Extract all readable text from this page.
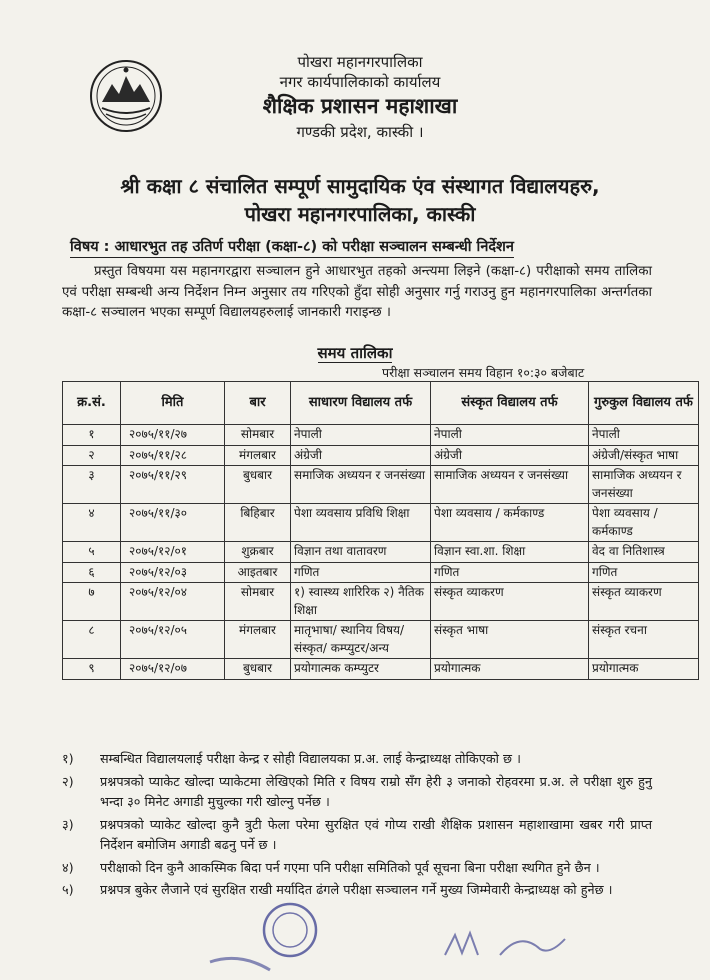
पोखरा महानगरपालिका
नगर कार्यपालिकाको कार्यालय
शैक्षिक प्रशासन महाशाखा
गण्डकी प्रदेश, कास्की ।
श्री कक्षा ८ संचालित सम्पूर्ण सामुदायिक एंव संस्थागत विद्यालयहरु,
पोखरा महानगरपालिका, कास्की
विषय : आधारभुत तह उतिर्ण परीक्षा (कक्षा-८) को परीक्षा सञ्चालन सम्बन्धी निर्देशन
प्रस्तुत विषयमा यस महानगरद्वारा सञ्चालन हुने आधारभुत तहको अन्त्यमा लिइने (कक्षा-८) परीक्षाको समय तालिका एवं परीक्षा सम्बन्धी अन्य निर्देशन निम्न अनुसार तय गरिएको हुँदा सोही अनुसार गर्नु गराउनु हुन महानगरपालिका अन्तर्गतका कक्षा-८ सञ्चालन भएका सम्पूर्ण विद्यालयहरुलाई जानकारी गराइन्छ ।
समय तालिका
परीक्षा सञ्चालन समय विहान १०:३० बजेबाट
क्र.सं.	मिति	बार	साधारण विद्यालय तर्फ	संस्कृत विद्यालय तर्फ	गुरुकुल विद्यालय तर्फ
१	२०७५/११/२७	सोमबार	नेपाली	नेपाली	नेपाली
२	२०७५/११/२८	मंगलबार	अंग्रेजी	अंग्रेजी	अंग्रेजी/संस्कृत भाषा
३	२०७५/११/२९	बुधबार	समाजिक अध्ययन र जनसंख्या	सामाजिक अध्ययन र जनसंख्या	सामाजिक अध्ययन र जनसंख्या
४	२०७५/११/३०	बिहिबार	पेशा व्यवसाय प्रविधि शिक्षा	पेशा व्यवसाय / कर्मकाण्ड	पेशा व्यवसाय / कर्मकाण्ड
५	२०७५/१२/०१	शुक्रबार	विज्ञान तथा वातावरण	विज्ञान स्वा.शा. शिक्षा	वेद वा नितिशास्त्र
६	२०७५/१२/०३	आइतबार	गणित	गणित	गणित
७	२०७५/१२/०४	सोमबार	१) स्वास्थ्य शारिरिक २) नैतिक शिक्षा	संस्कृत व्याकरण	संस्कृत व्याकरण
८	२०७५/१२/०५	मंगलबार	मातृभाषा/ स्थानिय विषय/ संस्कृत/ कम्प्युटर/अन्य	संस्कृत भाषा	संस्कृत रचना
९	२०७५/१२/०७	बुधबार	प्रयोगात्मक कम्प्युटर	प्रयोगात्मक	प्रयोगात्मक
१)	सम्बन्धित विद्यालयलाई परीक्षा केन्द्र र सोही विद्यालयका प्र.अ. लाई केन्द्राध्यक्ष तोकिएको छ ।
२)	प्रश्नपत्रको प्याकेट खोल्दा प्याकेटमा लेखिएको मिति र विषय राम्रो सँग हेरी ३ जनाको रोहवरमा प्र.अ. ले परीक्षा शुरु हुनु भन्दा ३० मिनेट अगाडी मुचुल्का गरी खोल्नु पर्नेछ ।
३)	प्रश्नपत्रको प्याकेट खोल्दा कुनै त्रुटी फेला परेमा सुरक्षित एवं गोप्य राखी शैक्षिक प्रशासन महाशाखामा खबर गरी प्राप्त निर्देशन बमोजिम अगाडी बढनु पर्ने छ ।
४)	परीक्षाको दिन कुनै आकस्मिक बिदा पर्न गएमा पनि परीक्षा समितिको पूर्व सूचना बिना परीक्षा स्थगित हुने छैन ।
५)	प्रश्नपत्र बुकेर लैजाने एवं सुरक्षित राखी मर्यादित ढंगले परीक्षा सञ्चालन गर्ने मुख्य जिम्मेवारी केन्द्राध्यक्ष को हुनेछ ।
